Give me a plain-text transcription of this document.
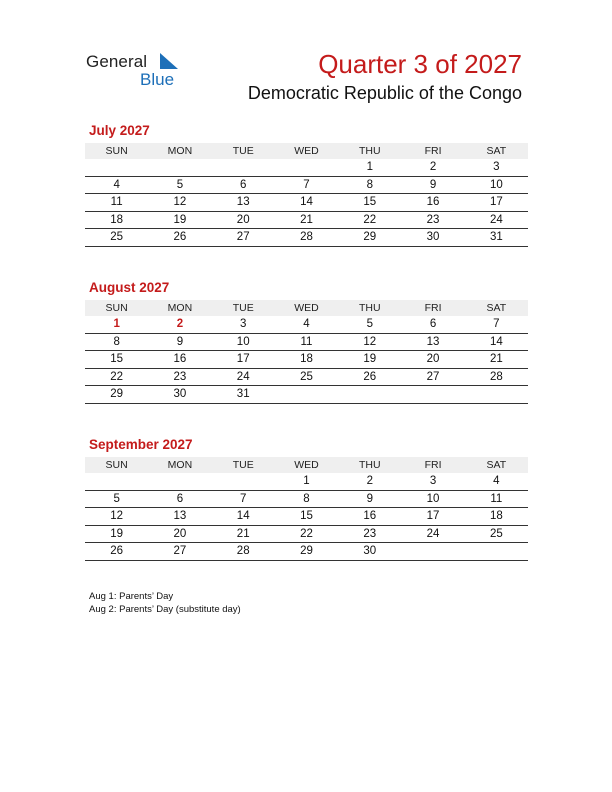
General
Blue
Quarter 3 of 2027
Democratic Republic of the Congo
July 2027
SUN	MON	TUE	WED	THU	FRI	SAT
				1	2	3
4	5	6	7	8	9	10
11	12	13	14	15	16	17
18	19	20	21	22	23	24
25	26	27	28	29	30	31
August 2027
SUN	MON	TUE	WED	THU	FRI	SAT
1	2	3	4	5	6	7
8	9	10	11	12	13	14
15	16	17	18	19	20	21
22	23	24	25	26	27	28
29	30	31				
September 2027
SUN	MON	TUE	WED	THU	FRI	SAT
			1	2	3	4
5	6	7	8	9	10	11
12	13	14	15	16	17	18
19	20	21	22	23	24	25
26	27	28	29	30		
Aug 1: Parents’ Day
Aug 2: Parents’ Day (substitute day)
